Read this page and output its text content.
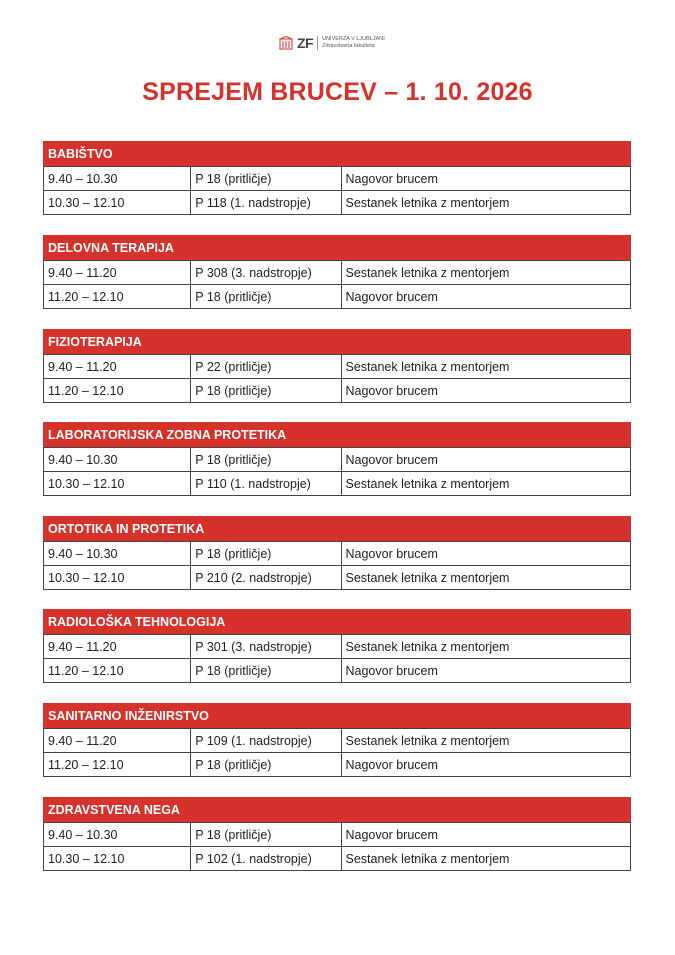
ZF UNIVERZA V LJUBLJANI
Zdravstvena fakulteta
SPREJEM BRUCEV – 1. 10. 2026
BABIŠTVO		
9.40 – 10.30	P 18 (pritličje)	Nagovor brucem
10.30 – 12.10	P 118 (1. nadstropje)	Sestanek letnika z mentorjem
DELOVNA TERAPIJA		
9.40 – 11.20	P 308 (3. nadstropje)	Sestanek letnika z mentorjem
11.20 – 12.10	P 18 (pritličje)	Nagovor brucem
FIZIOTERAPIJA		
9.40 – 11.20	P 22 (pritličje)	Sestanek letnika z mentorjem
11.20 – 12.10	P 18 (pritličje)	Nagovor brucem
LABORATORIJSKA ZOBNA PROTETIKA		
9.40 – 10.30	P 18 (pritličje)	Nagovor brucem
10.30 – 12.10	P 110 (1. nadstropje)	Sestanek letnika z mentorjem
ORTOTIKA IN PROTETIKA		
9.40 – 10.30	P 18 (pritličje)	Nagovor brucem
10.30 – 12.10	P 210 (2. nadstropje)	Sestanek letnika z mentorjem
RADIOLOŠKA TEHNOLOGIJA		
9.40 – 11.20	P 301 (3. nadstropje)	Sestanek letnika z mentorjem
11.20 – 12.10	P 18 (pritličje)	Nagovor brucem
SANITARNO INŽENIRSTVO		
9.40 – 11.20	P 109 (1. nadstropje)	Sestanek letnika z mentorjem
11.20 – 12.10	P 18 (pritličje)	Nagovor brucem
ZDRAVSTVENA NEGA		
9.40 – 10.30	P 18 (pritličje)	Nagovor brucem
10.30 – 12.10	P 102 (1. nadstropje)	Sestanek letnika z mentorjem
